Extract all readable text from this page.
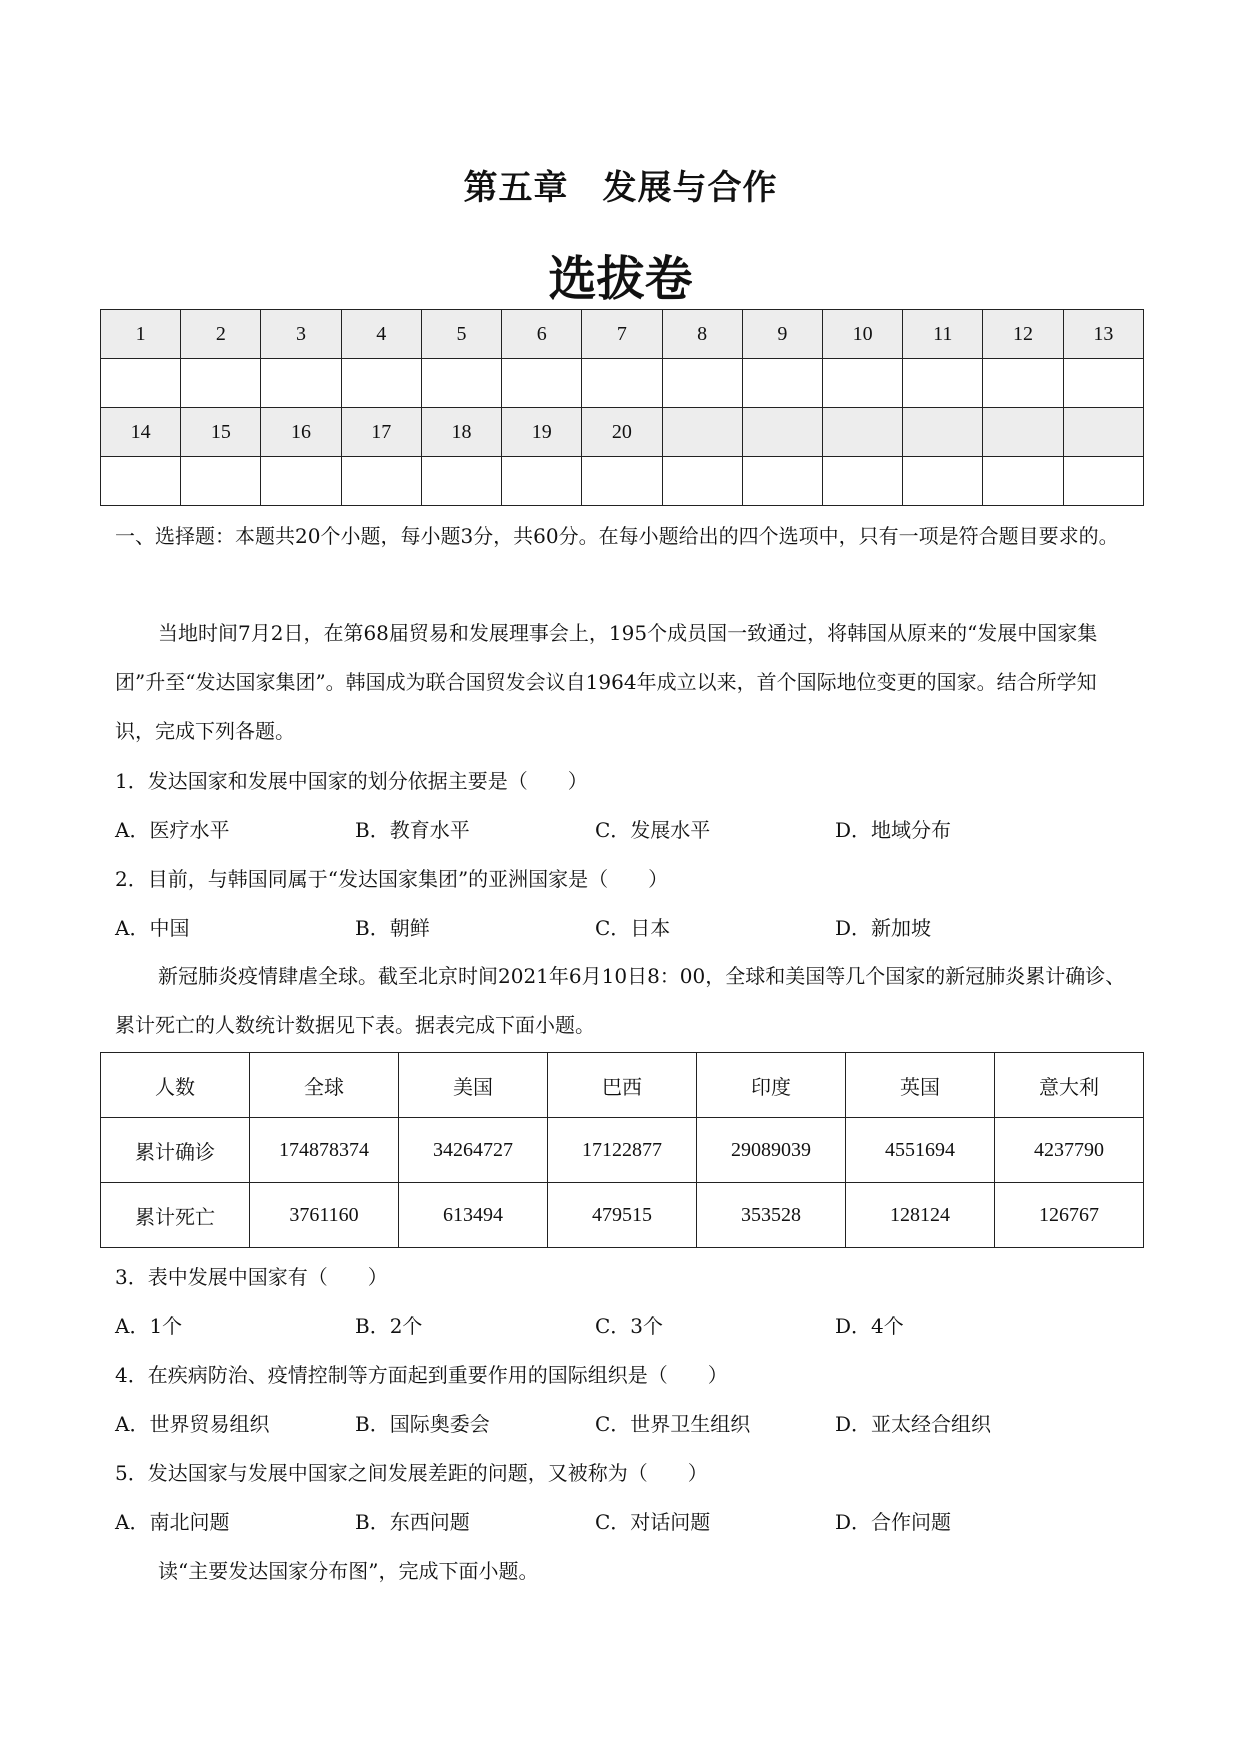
第五章 发展与合作
选拔卷
1	2	3	4	5	6	7	8	9	10	11	12	13

14	15	16	17	18	19	20						

一、选择题：本题共20个小题，每小题3分，共60分。在每小题给出的四个选项中，只有一项是符合题目要求的。
当地时间7月2日，在第68届贸易和发展理事会上，195个成员国一致通过，将韩国从原来的“发展中国家集团”升至“发达国家集团”。韩国成为联合国贸发会议自1964年成立以来，首个国际地位变更的国家。结合所学知识，完成下列各题。
1．发达国家和发展中国家的划分依据主要是（　　）
A．医疗水平	B．教育水平	C．发展水平	D．地域分布
2．目前，与韩国同属于“发达国家集团”的亚洲国家是（　　）
A．中国	B．朝鲜	C．日本	D．新加坡
新冠肺炎疫情肆虐全球。截至北京时间2021年6月10日8：00，全球和美国等几个国家的新冠肺炎累计确诊、累计死亡的人数统计数据见下表。据表完成下面小题。
人数	全球	美国	巴西	印度	英国	意大利
累计确诊	174878374	34264727	17122877	29089039	4551694	4237790
累计死亡	3761160	613494	479515	353528	128124	126767
3．表中发展中国家有（　　）
A．1个	B．2个	C．3个	D．4个
4．在疾病防治、疫情控制等方面起到重要作用的国际组织是（　　）
A．世界贸易组织	B．国际奥委会	C．世界卫生组织	D．亚太经合组织
5．发达国家与发展中国家之间发展差距的问题，又被称为（　　）
A．南北问题	B．东西问题	C．对话问题	D．合作问题
读“主要发达国家分布图”，完成下面小题。
